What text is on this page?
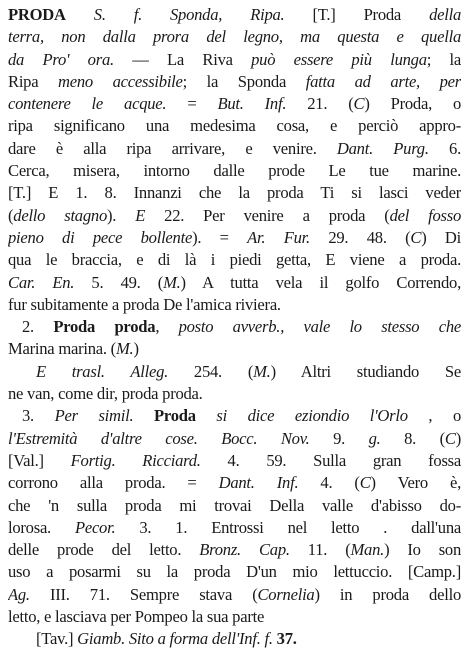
PRODA S. f. Sponda, Ripa. [T.] Proda della
terra, non dalla prora del legno, ma questa e quella
da Pro' ora. — La Riva può essere più lunga; la
Ripa meno accessibile; la Sponda fatta ad arte, per
contenere le acque. = But. Inf. 21. (C) Proda, o
ripa significano una medesima cosa, e perciò appro-
dare è alla ripa arrivare, e venire. Dant. Purg. 6.
Cerca, misera, intorno dalle prode Le tue marine.
[T.] E 1. 8. Innanzi che la proda Ti si lasci veder
(dello stagno). E 22. Per venire a proda (del fosso
pieno di pece bollente). = Ar. Fur. 29. 48. (C) Di
qua le braccia, e di là i piedi getta, E viene a proda.
Car. En. 5. 49. (M.) A tutta vela il golfo Correndo,
fur subitamente a proda De l'amica riviera.
2. Proda proda, posto avverb., vale lo stesso che
Marina marina. (M.)
E trasl. Alleg. 254. (M.) Altri studiando Se
ne van, come dir, proda proda.
3. Per simil. Proda si dice eziondio l'Orlo , o
l'Estremità d'altre cose. Bocc. Nov. 9. g. 8. (C)
[Val.] Fortig. Ricciard. 4. 59. Sulla gran fossa
corrono alla proda. = Dant. Inf. 4. (C) Vero è,
che 'n sulla proda mi trovai Della valle d'abisso do-
lorosa. Pecor. 3. 1. Entrossi nel letto . dall'una
delle prode del letto. Bronz. Cap. 11. (Man.) Io son
uso a posarmi su la proda D'un mio lettuccio. [Camp.]
Ag. III. 71. Sempre stava (Cornelia) in proda dello
letto, e lasciava per Pompeo la sua parte
[Tav.] Giamb. Sito a forma dell'Inf. f. 37.
